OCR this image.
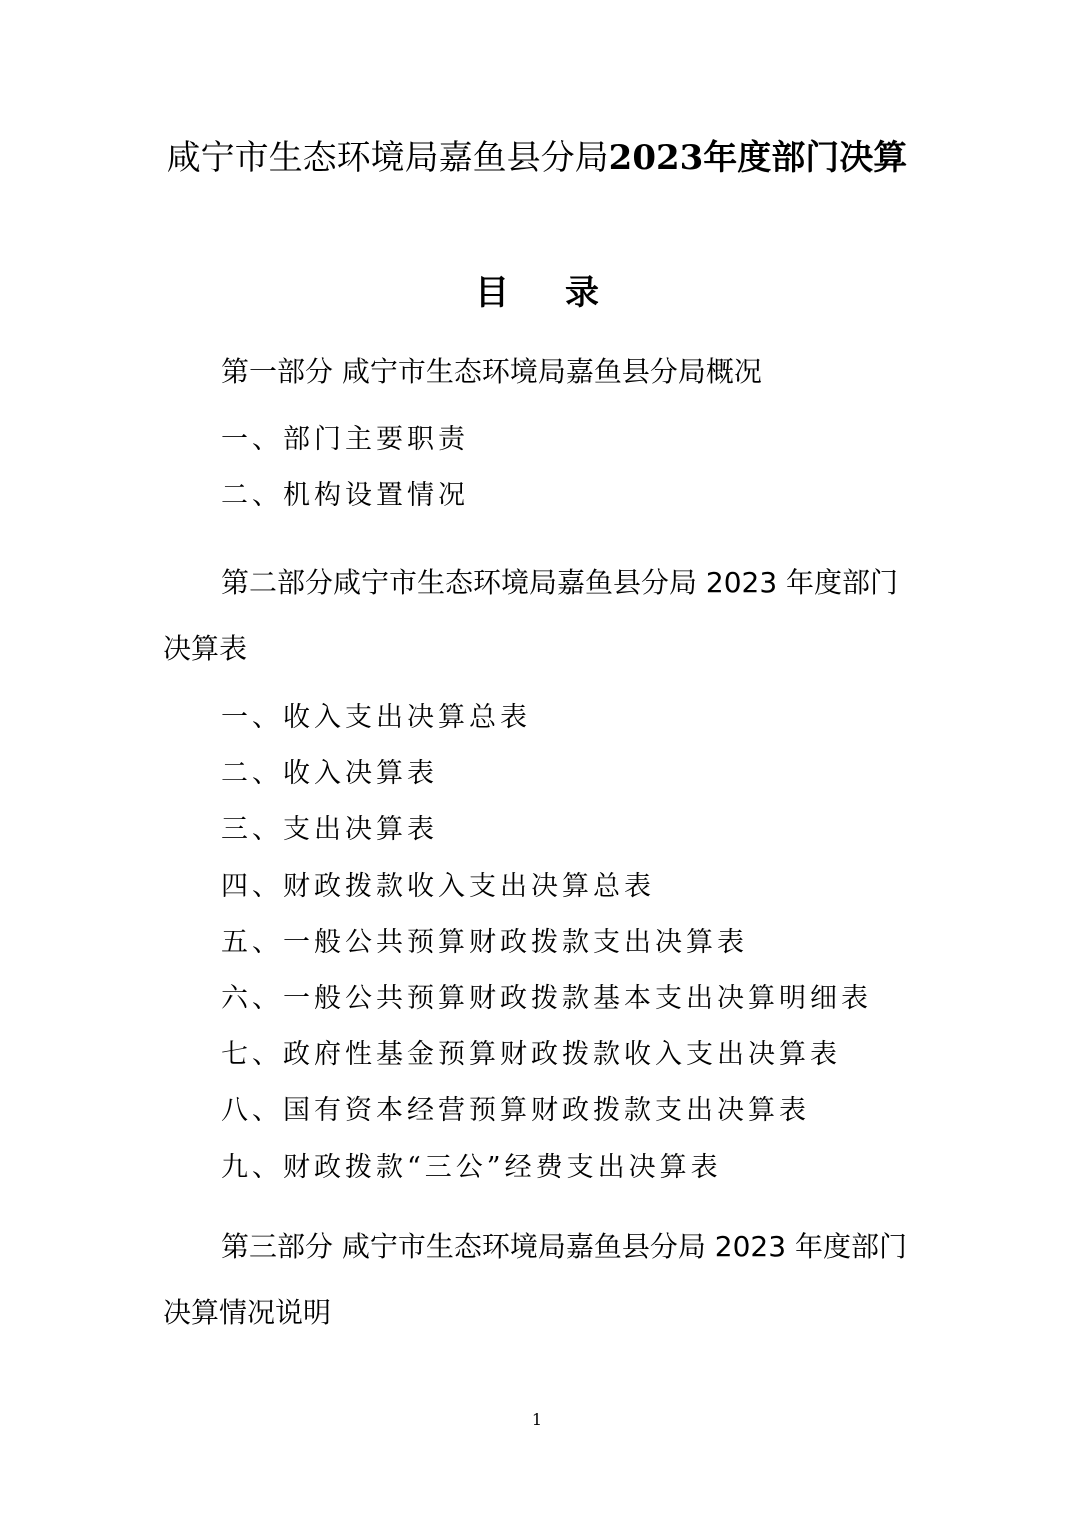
咸宁市生态环境局嘉鱼县分局2023年度部门决算
目录
第一部分 咸宁市生态环境局嘉鱼县分局概况
一、部门主要职责
二、机构设置情况
第二部分咸宁市生态环境局嘉鱼县分局 2023 年度部门决算表
一、收入支出决算总表
二、收入决算表
三、支出决算表
四、财政拨款收入支出决算总表
五、一般公共预算财政拨款支出决算表
六、一般公共预算财政拨款基本支出决算明细表
七、政府性基金预算财政拨款收入支出决算表
八、国有资本经营预算财政拨款支出决算表
九、财政拨款“三公”经费支出决算表
第三部分 咸宁市生态环境局嘉鱼县分局 2023 年度部门决算情况说明
1
